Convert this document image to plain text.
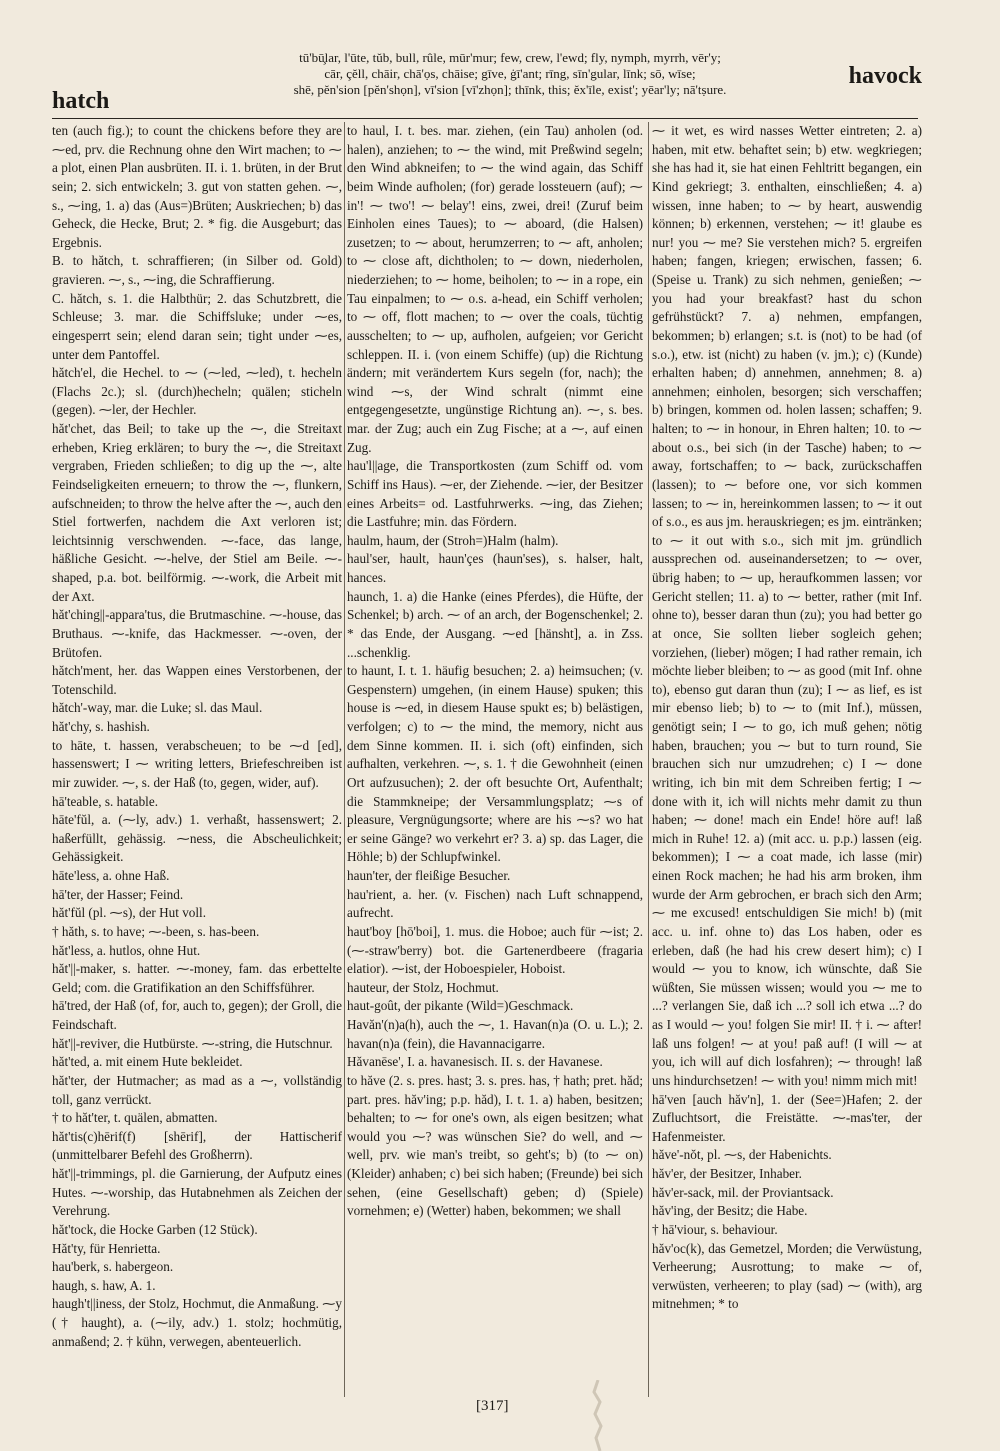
hatch
havock
tū'bū̧lar, l'ūte, tŭb, bull, rûle, mūr'mur; few, crew, l'ewd; fly, nymph, myrrh, vēr'y;
cār, çĕll, chāir, chā'ọs, chāise; gīve, ġī'ant; rīng, sīn'gular, līnk; sō, wīse;
shē, pĕn'sion [pĕn'shọn], vī'sion [vī'zhọn]; thīnk, this; ĕx'īle, exist'; yēar'ly; nā'tṣure.

ten (auch fig.); to count the chickens before they are ⁓ed, prv. die Rechnung ohne den Wirt machen; to ⁓ a plot, einen Plan ausbrüten. II. i. 1. brüten, in der Brut sein; 2. sich entwickeln; 3. gut von statten gehen. ⁓, s., ⁓ing, 1. a) das (Aus=)Brüten; Auskriechen; b) das Geheck, die Hecke, Brut; 2. * fig. die Ausgeburt; das Ergebnis.

B. to hătch, t. schraffieren; (in Silber od. Gold) gravieren. ⁓, s., ⁓ing, die Schraffierung.

C. hătch, s. 1. die Halbthür; 2. das Schutzbrett, die Schleuse; 3. mar. die Schiffsluke; under ⁓es, eingesperrt sein; elend daran sein; tight under ⁓es, unter dem Pantoffel.

hătch'el, die Hechel. to ⁓ (⁓led, ⁓led), t. hecheln (Flachs 2c.); sl. (durch)hecheln; quälen; sticheln (gegen). ⁓ler, der Hechler.

hăt'chet, das Beil; to take up the ⁓, die Streitaxt erheben, Krieg erklären; to bury the ⁓, die Streitaxt vergraben, Frieden schließen; to dig up the ⁓, alte Feindseligkeiten erneuern; to throw the ⁓, flunkern, aufschneiden; to throw the helve after the ⁓, auch den Stiel fortwerfen, nachdem die Axt verloren ist; leichtsinnig verschwenden. ⁓-face, das lange, häßliche Gesicht. ⁓-helve, der Stiel am Beile. ⁓-shaped, p.a. bot. beilförmig. ⁓-work, die Arbeit mit der Axt.

hăt'ching||-appara'tus, die Brutmaschine. ⁓-house, das Bruthaus. ⁓-knife, das Hackmesser. ⁓-oven, der Brütofen.

hătch'ment, her. das Wappen eines Verstorbenen, der Totenschild.

hătch'-way, mar. die Luke; sl. das Maul.

hăt'chy, s. hashish.

to hāte, t. hassen, verabscheuen; to be ⁓d [ed], hassenswert; I ⁓ writing letters, Briefeschreiben ist mir zuwider. ⁓, s. der Haß (to, gegen, wider, auf).

hā'teable, s. hatable.

hāte'fŭl, a. (⁓ly, adv.) 1. verhaßt, hassenswert; 2. haßerfüllt, gehässig. ⁓ness, die Abscheulichkeit; Gehässigkeit.

hāte'less, a. ohne Haß.

hā'ter, der Hasser; Feind.

hăt'fŭl (pl. ⁓s), der Hut voll.

† hăth, s. to have; ⁓-been, s. has-been.

hăt'less, a. hutlos, ohne Hut.

hăt'||-maker, s. hatter. ⁓-money, fam. das erbettelte Geld; com. die Gratifikation an den Schiffsführer.

hā'tred, der Haß (of, for, auch to, gegen); der Groll, die Feindschaft.

hăt'||-reviver, die Hutbürste. ⁓-string, die Hutschnur.

hăt'ted, a. mit einem Hute bekleidet.

hăt'ter, der Hutmacher; as mad as a ⁓, vollständig toll, ganz verrückt.

† to hăt'ter, t. quälen, abmatten.

hăt'tis(c)hērif(f) [shērif], der Hattischerif (unmittelbarer Befehl des Großherrn).

hăt'||-trimmings, pl. die Garnierung, der Aufputz eines Hutes. ⁓-worship, das Hutabnehmen als Zeichen der Verehrung.

hăt'tock, die Hocke Garben (12 Stück).

Hăt'ty, für Henrietta.

hau'berk, s. habergeon.

haugh, s. haw, A. 1.

haugh't||iness, der Stolz, Hochmut, die Anmaßung. ⁓y († haught), a. (⁓ily, adv.) 1. stolz; hochmütig, anmaßend; 2. † kühn, verwegen, abenteuerlich.

to haul, I. t. bes. mar. ziehen, (ein Tau) anholen (od. halen), anziehen; to ⁓ the wind, mit Preßwind segeln; den Wind abkneifen; to ⁓ the wind again, das Schiff beim Winde aufholen; (for) gerade lossteuern (auf); ⁓ in'! ⁓ two'! ⁓ belay'! eins, zwei, drei! (Zuruf beim Einholen eines Taues); to ⁓ aboard, (die Halsen) zusetzen; to ⁓ about, herumzerren; to ⁓ aft, anholen; to ⁓ close aft, dichtholen; to ⁓ down, niederholen, niederziehen; to ⁓ home, beiholen; to ⁓ in a rope, ein Tau einpalmen; to ⁓ o.s. a-head, ein Schiff verholen; to ⁓ off, flott machen; to ⁓ over the coals, tüchtig ausschelten; to ⁓ up, aufholen, aufgeien; vor Gericht schleppen. II. i. (von einem Schiffe) (up) die Richtung ändern; mit verändertem Kurs segeln (for, nach); the wind ⁓s, der Wind schralt (nimmt eine entgegengesetzte, ungünstige Richtung an). ⁓, s. bes. mar. der Zug; auch ein Zug Fische; at a ⁓, auf einen Zug.

hau'l||age, die Transportkosten (zum Schiff od. vom Schiff ins Haus). ⁓er, der Ziehende. ⁓ier, der Besitzer eines Arbeits= od. Lastfuhrwerks. ⁓ing, das Ziehen; die Lastfuhre; min. das Fördern.

haulm, haum, der (Stroh=)Halm (halm).

haul'ser, hault, haun'çes (haun'ses), s. halser, halt, hances.

haunch, 1. a) die Hanke (eines Pferdes), die Hüfte, der Schenkel; b) arch. ⁓ of an arch, der Bogenschenkel; 2. * das Ende, der Ausgang. ⁓ed [hänsht], a. in Zss. ...schenklig.

to haunt, I. t. 1. häufig besuchen; 2. a) heimsuchen; (v. Gespenstern) umgehen, (in einem Hause) spuken; this house is ⁓ed, in diesem Hause spukt es; b) belästigen, verfolgen; c) to ⁓ the mind, the memory, nicht aus dem Sinne kommen. II. i. sich (oft) einfinden, sich aufhalten, verkehren. ⁓, s. 1. † die Gewohnheit (einen Ort aufzusuchen); 2. der oft besuchte Ort, Aufenthalt; die Stammkneipe; der Versammlungsplatz; ⁓s of pleasure, Vergnügungsorte; where are his ⁓s? wo hat er seine Gänge? wo verkehrt er? 3. a) sp. das Lager, die Höhle; b) der Schlupfwinkel.

haun'ter, der fleißige Besucher.

hau'rient, a. her. (v. Fischen) nach Luft schnappend, aufrecht.

haut'boy [hō'boi], 1. mus. die Hoboe; auch für ⁓ist; 2. (⁓-straw'berry) bot. die Gartenerdbeere (fragaria elatior). ⁓ist, der Hoboespieler, Hoboist.

hauteur, der Stolz, Hochmut.

haut-goût, der pikante (Wild=)Geschmack.

Havăn'(n)a(h), auch the ⁓, 1. Havan(n)a (O. u. L.); 2. havan(n)a (fein), die Havannacigarre.

Hăvanēse', I. a. havanesisch. II. s. der Havanese.

to hăve (2. s. pres. hast; 3. s. pres. has, † hath; pret. hăd; part. pres. hăv'ing; p.p. hăd), I. t. 1. a) haben, besitzen; behalten; to ⁓ for one's own, als eigen besitzen; what would you ⁓? was wünschen Sie? do well, and ⁓ well, prv. wie man's treibt, so geht's; b) (to ⁓ on) (Kleider) anhaben; c) bei sich haben; (Freunde) bei sich sehen, (eine Gesellschaft) geben; d) (Spiele) vornehmen; e) (Wetter) haben, bekommen; we shall

⁓ it wet, es wird nasses Wetter eintreten; 2. a) haben, mit etw. behaftet sein; b) etw. wegkriegen; she has had it, sie hat einen Fehltritt begangen, ein Kind gekriegt; 3. enthalten, einschließen; 4. a) wissen, inne haben; to ⁓ by heart, auswendig können; b) erkennen, verstehen; ⁓ it! glaube es nur! you ⁓ me? Sie verstehen mich? 5. ergreifen haben; fangen, kriegen; erwischen, fassen; 6. (Speise u. Trank) zu sich nehmen, genießen; ⁓ you had your breakfast? hast du schon gefrühstückt? 7. a) nehmen, empfangen, bekommen; b) erlangen; s.t. is (not) to be had (of s.o.), etw. ist (nicht) zu haben (v. jm.); c) (Kunde) erhalten haben; d) annehmen, annehmen; 8. a) annehmen; einholen, besorgen; sich verschaffen; b) bringen, kommen od. holen lassen; schaffen; 9. halten; to ⁓ in honour, in Ehren halten; 10. to ⁓ about o.s., bei sich (in der Tasche) haben; to ⁓ away, fortschaffen; to ⁓ back, zurückschaffen (lassen); to ⁓ before one, vor sich kommen lassen; to ⁓ in, hereinkommen lassen; to ⁓ it out of s.o., es aus jm. herauskriegen; es jm. eintränken; to ⁓ it out with s.o., sich mit jm. gründlich aussprechen od. auseinandersetzen; to ⁓ over, übrig haben; to ⁓ up, heraufkommen lassen; vor Gericht stellen; 11. a) to ⁓ better, rather (mit Inf. ohne to), besser daran thun (zu); you had better go at once, Sie sollten lieber sogleich gehen; vorziehen, (lieber) mögen; I had rather remain, ich möchte lieber bleiben; to ⁓ as good (mit Inf. ohne to), ebenso gut daran thun (zu); I ⁓ as lief, es ist mir ebenso lieb; b) to ⁓ to (mit Inf.), müssen, genötigt sein; I ⁓ to go, ich muß gehen; nötig haben, brauchen; you ⁓ but to turn round, Sie brauchen sich nur umzudrehen; c) I ⁓ done writing, ich bin mit dem Schreiben fertig; I ⁓ done with it, ich will nichts mehr damit zu thun haben; ⁓ done! mach ein Ende! höre auf! laß mich in Ruhe! 12. a) (mit acc. u. p.p.) lassen (eig. bekommen); I ⁓ a coat made, ich lasse (mir) einen Rock machen; he had his arm broken, ihm wurde der Arm gebrochen, er brach sich den Arm; ⁓ me excused! entschuldigen Sie mich! b) (mit acc. u. inf. ohne to) das Los haben, oder es erleben, daß (he had his crew desert him); c) I would ⁓ you to know, ich wünschte, daß Sie wüßten, Sie müssen wissen; would you ⁓ me to ...? verlangen Sie, daß ich ...? soll ich etwa ...? do as I would ⁓ you! folgen Sie mir! II. † i. ⁓ after! laß uns folgen! ⁓ at you! paß auf! (I will ⁓ at you, ich will auf dich losfahren); ⁓ through! laß uns hindurchsetzen! ⁓ with you! nimm mich mit!

hā'ven [auch hăv'n], 1. der (See=)Hafen; 2. der Zufluchtsort, die Freistätte. ⁓-mas'ter, der Hafenmeister.

hăve'-nŏt, pl. ⁓s, der Habenichts.

hăv'er, der Besitzer, Inhaber.

hăv'er-sack, mil. der Proviantsack.

hăv'ing, der Besitz; die Habe.

† hā'viour, s. behaviour.

hăv'oc(k), das Gemetzel, Morden; die Verwüstung, Verheerung; Ausrottung; to make ⁓ of, verwüsten, verheeren; to play (sad) ⁓ (with), arg mitnehmen; * to

[317]
